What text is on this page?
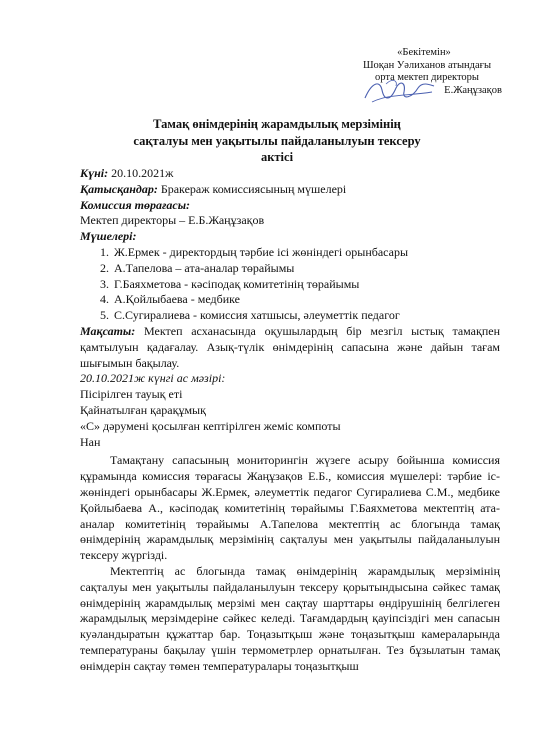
«Бекітемін»
Шоқан Уәлиханов атындағы
орта мектеп директоры
Е.Жаңұзақов
Тамақ өнімдерінің жарамдылық мерзімінің
сақталуы мен уақытылы пайдаланылуын тексеру
актісі

Күні: 20.10.2021ж

Қатысқандар: Бракераж комиссиясының мүшелері

Комиссия төрағасы:

Мектеп директоры – Е.Б.Жаңұзақов

Мүшелері:

1. Ж.Ермек - директордың тәрбие ісі жөніндегі орынбасары
2. А.Тапелова – ата-аналар төрайымы
3. Г.Баяхметова - кәсіподақ комитетінің төрайымы
4. А.Қойлыбаева - медбике
5. С.Сугиралиева - комиссия хатшысы, әлеуметтік педагог

Мақсаты: Мектеп асханасында оқушылардың бір мезгіл ыстық тамақпен қамтылуын қадағалау. Азық-түлік өнімдерінің сапасына және дайын тағам шығымын бақылау.

20.10.2021ж күнгі ас мәзірі:

Пісірілген тауық еті

Қайнатылған қарақұмық

«С» дәрумені қосылған кептірілген жеміс компоты

Нан

Тамақтану сапасының мониторингін жүзеге асыру бойынша комиссия құрамында комиссия төрағасы Жаңұзақов Е.Б., комиссия мүшелері: тәрбие іс-жөніндегі орынбасары Ж.Ермек, әлеуметтік педагог Сугиралиева С.М., медбике Қойлыбаева А., кәсіподақ комитетінің төрайымы Г.Баяхметова мектептің ата-аналар комитетінің төрайымы А.Тапелова мектептің ас блогында тамақ өнімдерінің жарамдылық мерзімінің сақталуы мен уақытылы пайдаланылуын тексеру жүргізді.

Мектептің ас блогында тамақ өнімдерінің жарамдылық мерзімінің сақталуы мен уақытылы пайдаланылуын тексеру қорытындысына сәйкес тамақ өнімдерінің жарамдылық мерзімі мен сақтау шарттары өндірушінің белгілеген жарамдылық мерзімдеріне сәйкес келеді. Тағамдардың қауіпсіздігі мен сапасын куәландыратын құжаттар бар. Тоңазытқыш және тоңазытқыш камераларында температураны бақылау үшін термометрлер орнатылған. Тез бұзылатын тамақ өнімдерін сақтау төмен температуралары тоңазытқыш
